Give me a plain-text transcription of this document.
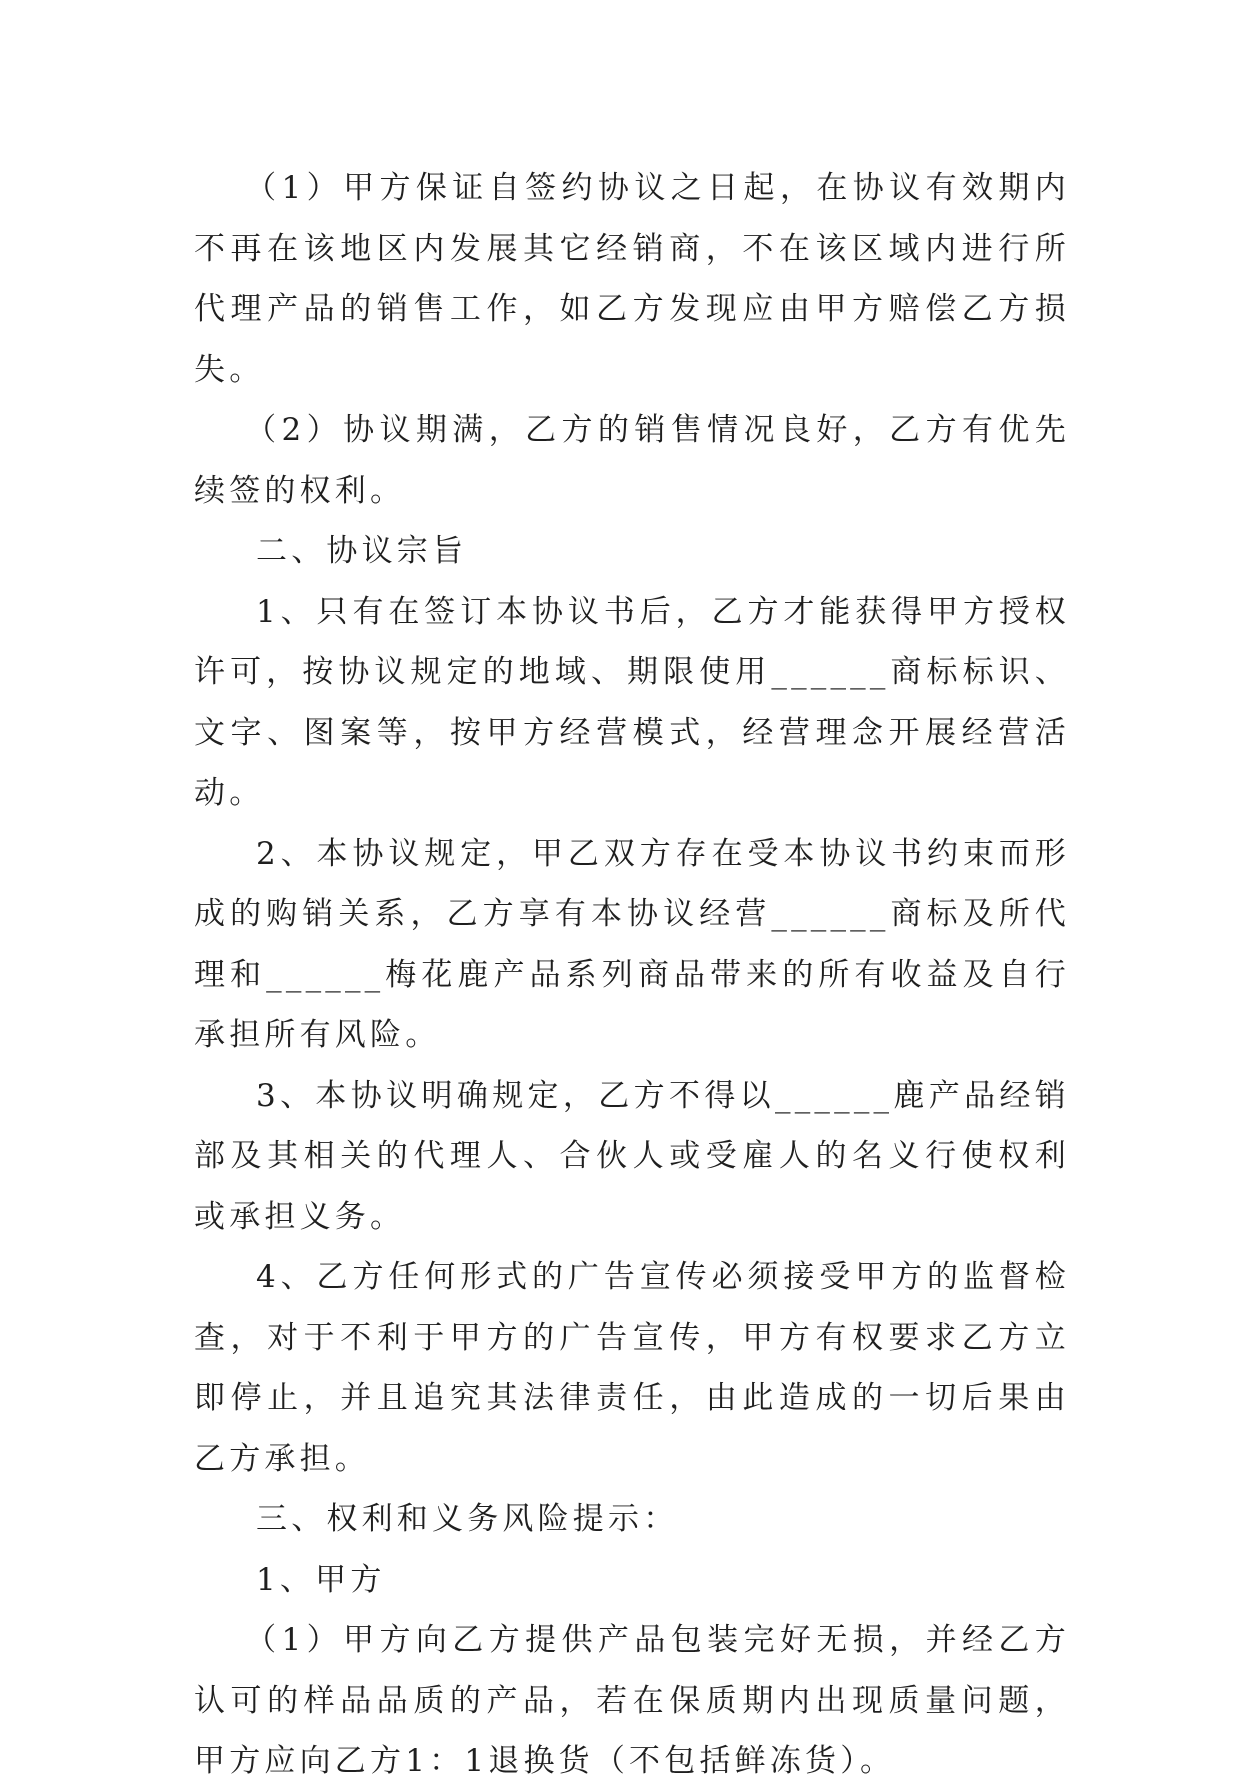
（1）甲方保证自签约协议之日起，在协议有效期内不再在该地区内发展其它经销商，不在该区域内进行所代理产品的销售工作，如乙方发现应由甲方赔偿乙方损失。

（2）协议期满，乙方的销售情况良好，乙方有优先续签的权利。

二、协议宗旨

1、只有在签订本协议书后，乙方才能获得甲方授权许可，按协议规定的地域、期限使用______商标标识、文字、图案等，按甲方经营模式，经营理念开展经营活动。

2、本协议规定，甲乙双方存在受本协议书约束而形成的购销关系，乙方享有本协议经营______商标及所代理和______梅花鹿产品系列商品带来的所有收益及自行承担所有风险。

3、本协议明确规定，乙方不得以______鹿产品经销部及其相关的代理人、合伙人或受雇人的名义行使权利或承担义务。

4、乙方任何形式的广告宣传必须接受甲方的监督检查，对于不利于甲方的广告宣传，甲方有权要求乙方立即停止，并且追究其法律责任，由此造成的一切后果由乙方承担。

三、权利和义务风险提示：

1、甲方

（1）甲方向乙方提供产品包装完好无损，并经乙方认可的样品品质的产品，若在保质期内出现质量问题，甲方应向乙方1：1退换货（不包括鲜冻货）。
